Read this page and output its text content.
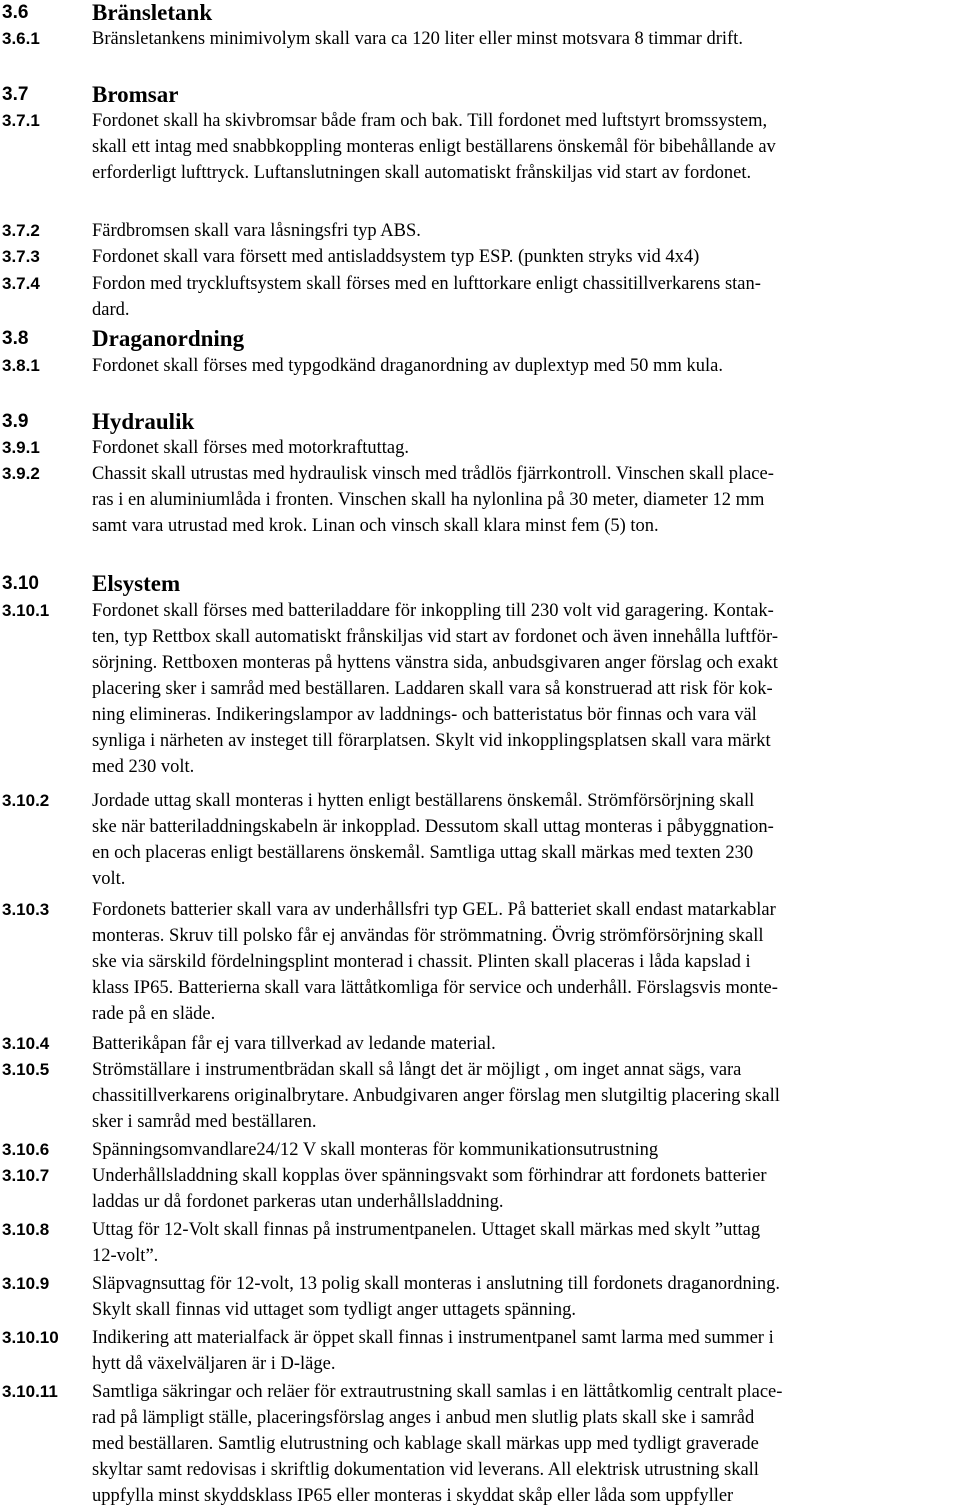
3.6	Bränsletank
3.6.1	Bränsletankens minimivolym skall vara ca 120 liter eller minst motsvara 8 timmar drift.
3.7	Bromsar
3.7.1	Fordonet skall ha skivbromsar både fram och bak. Till fordonet med luftstyrt bromssystem,
skall ett intag med snabbkoppling monteras enligt beställarens önskemål för bibehållande av
erforderligt lufttryck. Luftanslutningen skall automatiskt frånskiljas vid start av fordonet.
3.7.2	Färdbromsen skall vara låsningsfri typ ABS.
3.7.3	Fordonet skall vara försett med antisladdsystem typ ESP. (punkten stryks vid 4x4)
3.7.4	Fordon med tryckluftsystem skall förses med en lufttorkare enligt chassitillverkarens stan-
dard.
3.8	Draganordning
3.8.1	Fordonet skall förses med typgodkänd draganordning av duplextyp med 50 mm kula.
3.9	Hydraulik
3.9.1	Fordonet skall förses med motorkraftuttag.
3.9.2	Chassit skall utrustas med hydraulisk vinsch med trådlös fjärrkontroll. Vinschen skall place-
ras i en aluminiumlåda i fronten. Vinschen skall ha nylonlina på 30 meter, diameter 12 mm
samt vara utrustad med krok. Linan och vinsch skall klara minst fem (5) ton.
3.10 Elsystem
3.10.1 Fordonet skall förses med batteriladdare för inkoppling till 230 volt vid garagering. Kontak-
ten, typ Rettbox skall automatiskt frånskiljas vid start av fordonet och även innehålla luftför-
sörjning. Rettboxen monteras på hyttens vänstra sida, anbudsgivaren anger förslag och exakt
placering sker i samråd med beställaren. Laddaren skall vara så konstruerad att risk för kok-
ning elimineras. Indikeringslampor av laddnings- och batteristatus bör finnas och vara väl
synliga i närheten av insteget till förarplatsen. Skylt vid inkopplingsplatsen skall vara märkt
med 230 volt.
3.10.2 Jordade uttag skall monteras i hytten enligt beställarens önskemål. Strömförsörjning skall
ske när batteriladdningskabeln är inkopplad. Dessutom skall uttag monteras i påbyggnation-
en och placeras enligt beställarens önskemål. Samtliga uttag skall märkas med texten 230
volt.
3.10.3 Fordonets batterier skall vara av underhållsfri typ GEL. På batteriet skall endast matarkablar
monteras. Skruv till polsko får ej användas för strömmatning. Övrig strömförsörjning skall
ske via särskild fördelningsplint monterad i chassit. Plinten skall placeras i låda kapslad i
klass IP65. Batterierna skall vara lättåtkomliga för service och underhåll. Förslagsvis monte-
rade på en släde.
3.10.4 Batterikåpan får ej vara tillverkad av ledande material.
3.10.5 Strömställare i instrumentbrädan skall så långt det är möjligt , om inget annat sägs, vara
chassitillverkarens originalbrytare. Anbudgivaren anger förslag men slutgiltig placering skall
sker i samråd med beställaren.
3.10.6 Spänningsomvandlare24/12 V skall monteras för kommunikationsutrustning
3.10.7 Underhållsladdning skall kopplas över spänningsvakt som förhindrar att fordonets batterier
laddas ur då fordonet parkeras utan underhållsladdning.
3.10.8 Uttag för 12-Volt skall finnas på instrumentpanelen. Uttaget skall märkas med skylt ”uttag
12-volt”.
3.10.9 Släpvagnsuttag för 12-volt, 13 polig skall monteras i anslutning till fordonets draganordning.
Skylt skall finnas vid uttaget som tydligt anger uttagets spänning.
3.10.10 Indikering att materialfack är öppet skall finnas i instrumentpanel samt larma med summer i
hytt då växelväljaren är i D-läge.
3.10.11 Samtliga säkringar och reläer för extrautrustning skall samlas i en lättåtkomlig centralt place-
rad på lämpligt ställe, placeringsförslag anges i anbud men slutlig plats skall ske i samråd
med beställaren. Samtlig elutrustning och kablage skall märkas upp med tydligt graverade
skyltar samt redovisas i skriftlig dokumentation vid leverans. All elektrisk utrustning skall
uppfylla minst skyddsklass IP65 eller monteras i skyddat skåp eller låda som uppfyller
